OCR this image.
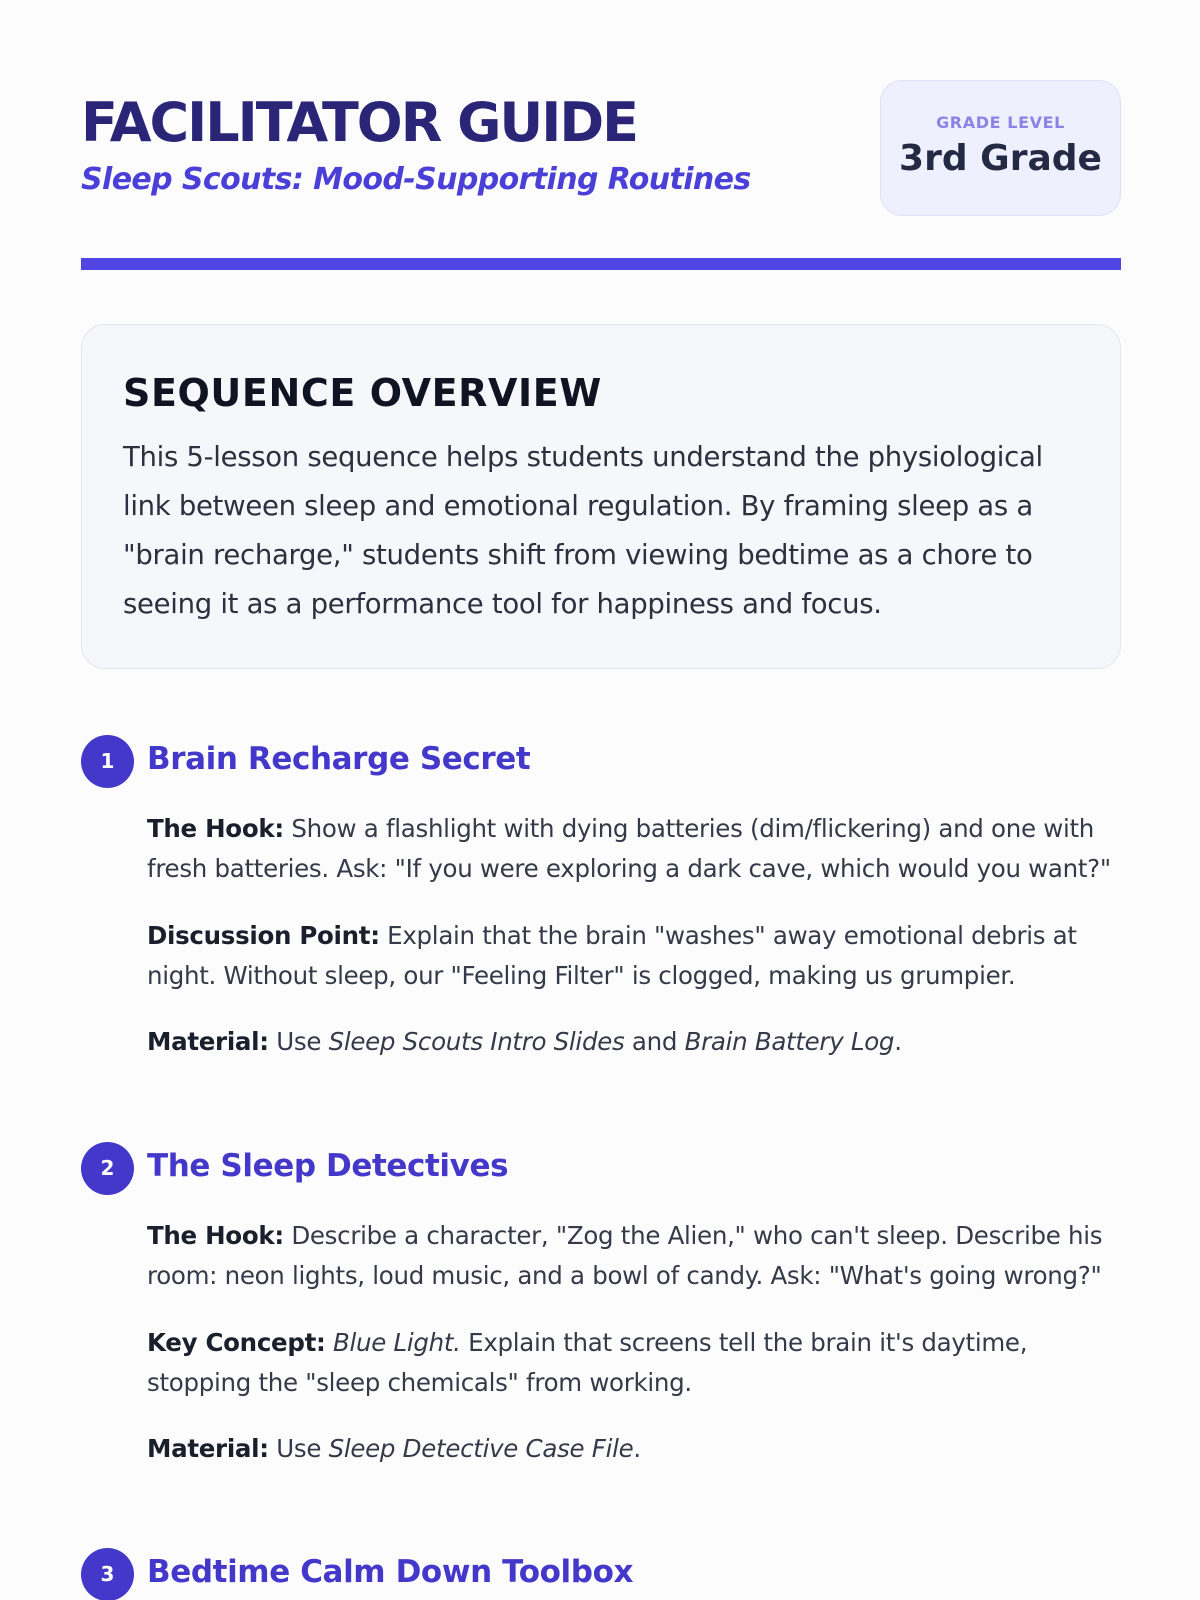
FACILITATOR GUIDE
Sleep Scouts: Mood-Supporting Routines
GRADE LEVEL
3rd Grade
SEQUENCE OVERVIEW
This 5-lesson sequence helps students understand the physiological link between sleep and emotional regulation. By framing sleep as a "brain recharge," students shift from viewing bedtime as a chore to seeing it as a performance tool for happiness and focus.
1	Brain Recharge Secret

The Hook: Show a flashlight with dying batteries (dim/flickering) and one with fresh batteries. Ask: "If you were exploring a dark cave, which would you want?"

Discussion Point: Explain that the brain "washes" away emotional debris at night. Without sleep, our "Feeling Filter" is clogged, making us grumpier.

Material: Use Sleep Scouts Intro Slides and Brain Battery Log.

2	The Sleep Detectives

The Hook: Describe a character, "Zog the Alien," who can't sleep. Describe his room: neon lights, loud music, and a bowl of candy. Ask: "What's going wrong?"

Key Concept: Blue Light. Explain that screens tell the brain it's daytime, stopping the "sleep chemicals" from working.

Material: Use Sleep Detective Case File.

3	Bedtime Calm Down Toolbox
